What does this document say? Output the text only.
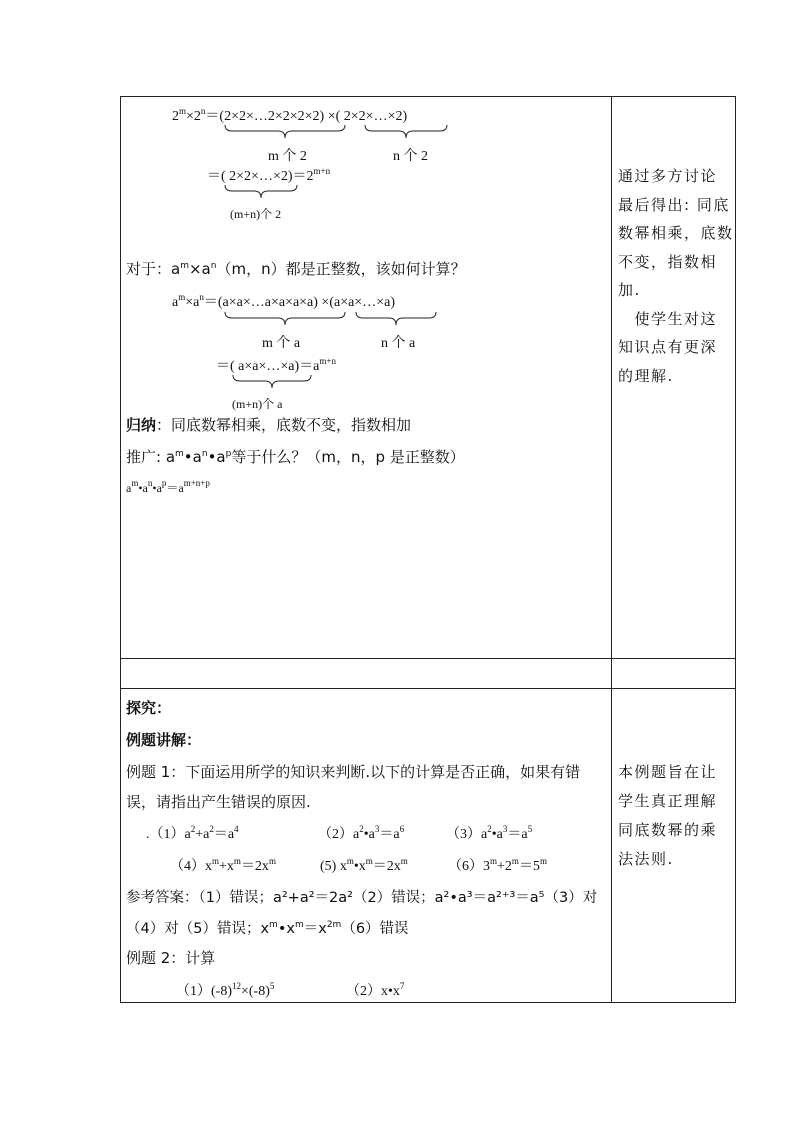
$2^m\times 2^n=(2\times 2\times\dots 2\times 2\times 2\times 2)$ ×( 2×2×…×2)
m 个 2	n 个 2
＝( $2\times 2\times\dots\times 2)=2^{m+n}$
(m+n)个 2
对于：$a^m\times a^n(m$，n）都是正整数，该如何计算？
$a^m\times a^n=(a\times a\times\dots a\times a\times a\times a)$ ×(a×a×…×a)
m 个 a	n 个 a
＝( $a\times a\times\dots\times a)=a^{m+n}$
(m+n)个 a
归纳：同底数幂相乘，底数不变，指数相加
推广: $a^m•a^n•a^p$等于什么？（m，n，p 是正整数）
$a^m•a^n•a^p=a^{m+n+p}$
通过多方讨论
最后得出: 同底
数幂相乘，底数
不变，指数相
加.
　使学生对这
知识点有更深
的理解.
探究：
例题讲解：
例题 1：下面运用所学的知识来判断.以下的计算是否正确，如果有错
误，请指出产生错误的原因.
$.(1)a^2+a^2=a^4$	$(2)a^2•a^3=a^6$	$(3)a^2•a^3=a^5$
$(4)x^m+x^m=2x^m$	(5) $x^m•x^m=2x^m$	$(6)3^m+2^m=5^m$
参考答案：（1）错误；a²+a²＝2a²（2）错误；a²•a³＝a²⁺³＝a⁵（3）对
（4）对（5）错误；$x^m•x^m=x^{2m}(6)$错误
例题 2：计算
$(1)(-8)^{12}\times(-8)^5$	$(2)x•x^7$
本例题旨在让
学生真正理解
同底数幂的乘
法法则.
